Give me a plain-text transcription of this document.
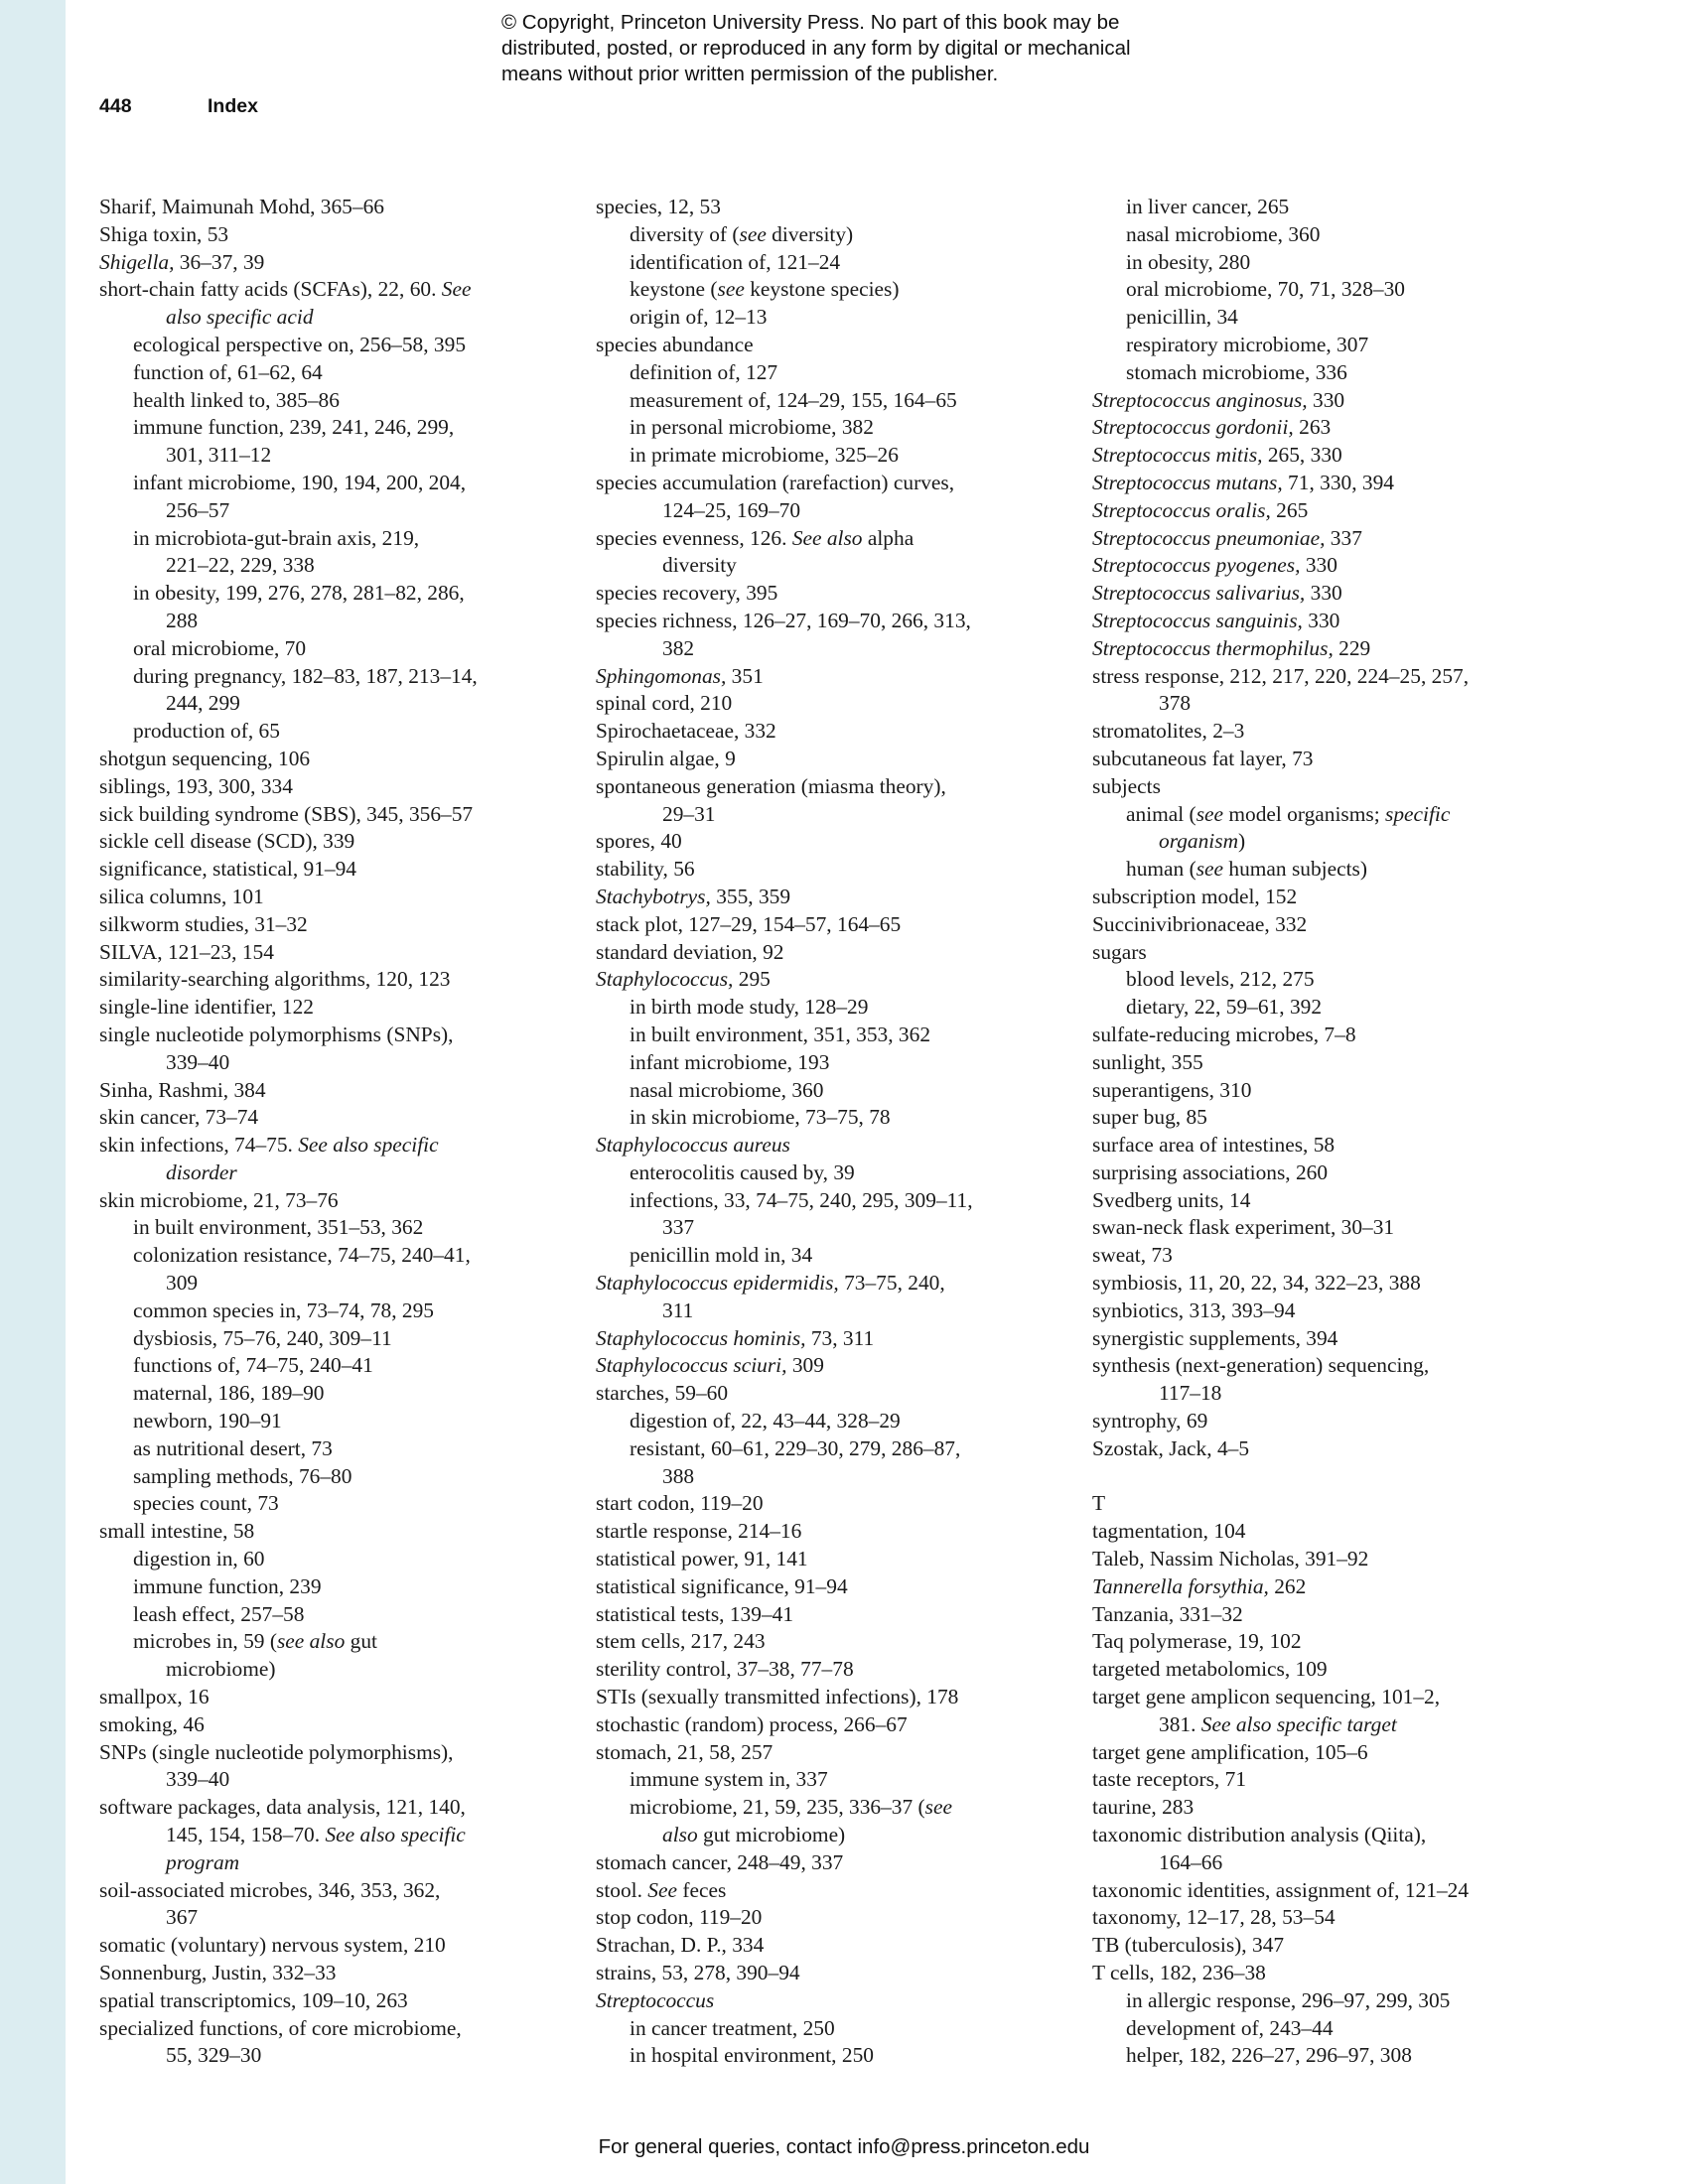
© Copyright, Princeton University Press. No part of this book may be
distributed, posted, or reproduced in any form by digital or mechanical
means without prior written permission of the publisher.
448	Index
Sharif, Maimunah Mohd, 365–66
Shiga toxin, 53
Shigella, 36–37, 39
short-chain fatty acids (SCFAs), 22, 60. See
also specific acid
ecological perspective on, 256–58, 395
function of, 61–62, 64
health linked to, 385–86
immune function, 239, 241, 246, 299,
301, 311–12
infant microbiome, 190, 194, 200, 204,
256–57
in microbiota-gut-brain axis, 219,
221–22, 229, 338
in obesity, 199, 276, 278, 281–82, 286,
288
oral microbiome, 70
during pregnancy, 182–83, 187, 213–14,
244, 299
production of, 65
shotgun sequencing, 106
siblings, 193, 300, 334
sick building syndrome (SBS), 345, 356–57
sickle cell disease (SCD), 339
significance, statistical, 91–94
silica columns, 101
silkworm studies, 31–32
SILVA, 121–23, 154
similarity-searching algorithms, 120, 123
single-line identifier, 122
single nucleotide polymorphisms (SNPs),
339–40
Sinha, Rashmi, 384
skin cancer, 73–74
skin infections, 74–75. See also specific
disorder
skin microbiome, 21, 73–76
in built environment, 351–53, 362
colonization resistance, 74–75, 240–41,
309
common species in, 73–74, 78, 295
dysbiosis, 75–76, 240, 309–11
functions of, 74–75, 240–41
maternal, 186, 189–90
newborn, 190–91
as nutritional desert, 73
sampling methods, 76–80
species count, 73
small intestine, 58
digestion in, 60
immune function, 239
leash effect, 257–58
microbes in, 59 (see also gut
microbiome)
smallpox, 16
smoking, 46
SNPs (single nucleotide polymorphisms),
339–40
software packages, data analysis, 121, 140,
145, 154, 158–70. See also specific
program
soil-associated microbes, 346, 353, 362,
367
somatic (voluntary) nervous system, 210
Sonnenburg, Justin, 332–33
spatial transcriptomics, 109–10, 263
specialized functions, of core microbiome,
55, 329–30
species, 12, 53
diversity of (see diversity)
identification of, 121–24
keystone (see keystone species)
origin of, 12–13
species abundance
definition of, 127
measurement of, 124–29, 155, 164–65
in personal microbiome, 382
in primate microbiome, 325–26
species accumulation (rarefaction) curves,
124–25, 169–70
species evenness, 126. See also alpha
diversity
species recovery, 395
species richness, 126–27, 169–70, 266, 313,
382
Sphingomonas, 351
spinal cord, 210
Spirochaetaceae, 332
Spirulin algae, 9
spontaneous generation (miasma theory),
29–31
spores, 40
stability, 56
Stachybotrys, 355, 359
stack plot, 127–29, 154–57, 164–65
standard deviation, 92
Staphylococcus, 295
in birth mode study, 128–29
in built environment, 351, 353, 362
infant microbiome, 193
nasal microbiome, 360
in skin microbiome, 73–75, 78
Staphylococcus aureus
enterocolitis caused by, 39
infections, 33, 74–75, 240, 295, 309–11,
337
penicillin mold in, 34
Staphylococcus epidermidis, 73–75, 240,
311
Staphylococcus hominis, 73, 311
Staphylococcus sciuri, 309
starches, 59–60
digestion of, 22, 43–44, 328–29
resistant, 60–61, 229–30, 279, 286–87,
388
start codon, 119–20
startle response, 214–16
statistical power, 91, 141
statistical significance, 91–94
statistical tests, 139–41
stem cells, 217, 243
sterility control, 37–38, 77–78
STIs (sexually transmitted infections), 178
stochastic (random) process, 266–67
stomach, 21, 58, 257
immune system in, 337
microbiome, 21, 59, 235, 336–37 (see
also gut microbiome)
stomach cancer, 248–49, 337
stool. See feces
stop codon, 119–20
Strachan, D. P., 334
strains, 53, 278, 390–94
Streptococcus
in cancer treatment, 250
in hospital environment, 250
in liver cancer, 265
nasal microbiome, 360
in obesity, 280
oral microbiome, 70, 71, 328–30
penicillin, 34
respiratory microbiome, 307
stomach microbiome, 336
Streptococcus anginosus, 330
Streptococcus gordonii, 263
Streptococcus mitis, 265, 330
Streptococcus mutans, 71, 330, 394
Streptococcus oralis, 265
Streptococcus pneumoniae, 337
Streptococcus pyogenes, 330
Streptococcus salivarius, 330
Streptococcus sanguinis, 330
Streptococcus thermophilus, 229
stress response, 212, 217, 220, 224–25, 257,
378
stromatolites, 2–3
subcutaneous fat layer, 73
subjects
animal (see model organisms; specific
organism)
human (see human subjects)
subscription model, 152
Succinivibrionaceae, 332
sugars
blood levels, 212, 275
dietary, 22, 59–61, 392
sulfate-reducing microbes, 7–8
sunlight, 355
superantigens, 310
super bug, 85
surface area of intestines, 58
surprising associations, 260
Svedberg units, 14
swan-neck flask experiment, 30–31
sweat, 73
symbiosis, 11, 20, 22, 34, 322–23, 388
synbiotics, 313, 393–94
synergistic supplements, 394
synthesis (next-generation) sequencing,
117–18
syntrophy, 69
Szostak, Jack, 4–5
T
tagmentation, 104
Taleb, Nassim Nicholas, 391–92
Tannerella forsythia, 262
Tanzania, 331–32
Taq polymerase, 19, 102
targeted metabolomics, 109
target gene amplicon sequencing, 101–2,
381. See also specific target
target gene amplification, 105–6
taste receptors, 71
taurine, 283
taxonomic distribution analysis (Qiita),
164–66
taxonomic identities, assignment of, 121–24
taxonomy, 12–17, 28, 53–54
TB (tuberculosis), 347
T cells, 182, 236–38
in allergic response, 296–97, 299, 305
development of, 243–44
helper, 182, 226–27, 296–97, 308
For general queries, contact info@press.princeton.edu
